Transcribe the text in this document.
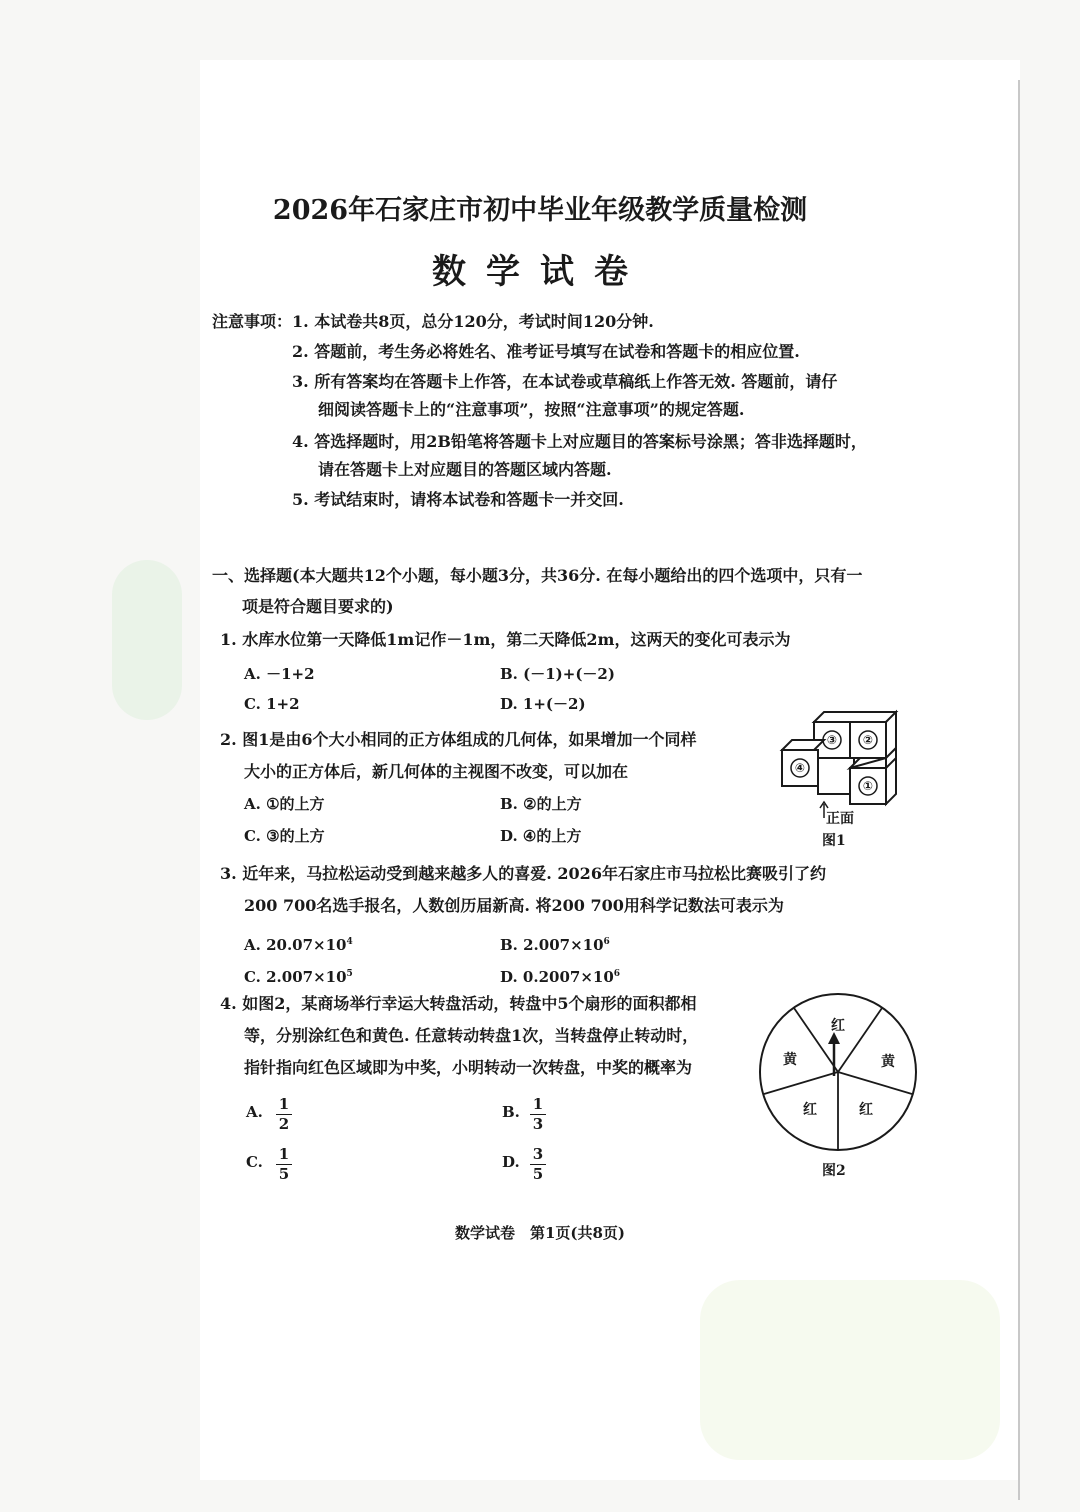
2026年石家庄市初中毕业年级教学质量检测
数学试卷
注意事项： 1. 本试卷共8页，总分120分，考试时间120分钟.
2. 答题前，考生务必将姓名、准考证号填写在试卷和答题卡的相应位置.
3. 所有答案均在答题卡上作答，在本试卷或草稿纸上作答无效. 答题前，请仔
细阅读答题卡上的“注意事项”，按照“注意事项”的规定答题.
4. 答选择题时，用2B铅笔将答题卡上对应题目的答案标号涂黑；答非选择题时，
请在答题卡上对应题目的答题区域内答题.
5. 考试结束时，请将本试卷和答题卡一并交回.
一、选择题(本大题共12个小题，每小题3分，共36分. 在每小题给出的四个选项中，只有一
项是符合题目要求的)
1. 水库水位第一天降低1m记作－1m，第二天降低2m，这两天的变化可表示为
A. －1+2	B. (－1)+(－2)
C. 1+2	D. 1+(－2)
2. 图1是由6个大小相同的正方体组成的几何体，如果增加一个同样
大小的正方体后，新几何体的主视图不改变，可以加在
A. ①的上方	B. ②的上方
C. ③的上方	D. ④的上方
③ ②
④
①
正面
图1
3. 近年来，马拉松运动受到越来越多人的喜爱. 2026年石家庄市马拉松比赛吸引了约
200 700名选手报名，人数创历届新高. 将200 700用科学记数法可表示为
A. $20.07\times 10^4$	B. $2.007\times 10^6$
C. $2.007\times 10^5$	D. $0.2007\times 10^6$
4. 如图2，某商场举行幸运大转盘活动，转盘中5个扇形的面积都相
等，分别涂红色和黄色. 任意转动转盘1次，当转盘停止转动时，
指针指向红色区域即为中奖，小明转动一次转盘，中奖的概率为
A. 1
2
B. 1
3
C. 1
5
D. 3
5
红
黄	黄
红	红
图2
数学试卷　第1页(共8页)
